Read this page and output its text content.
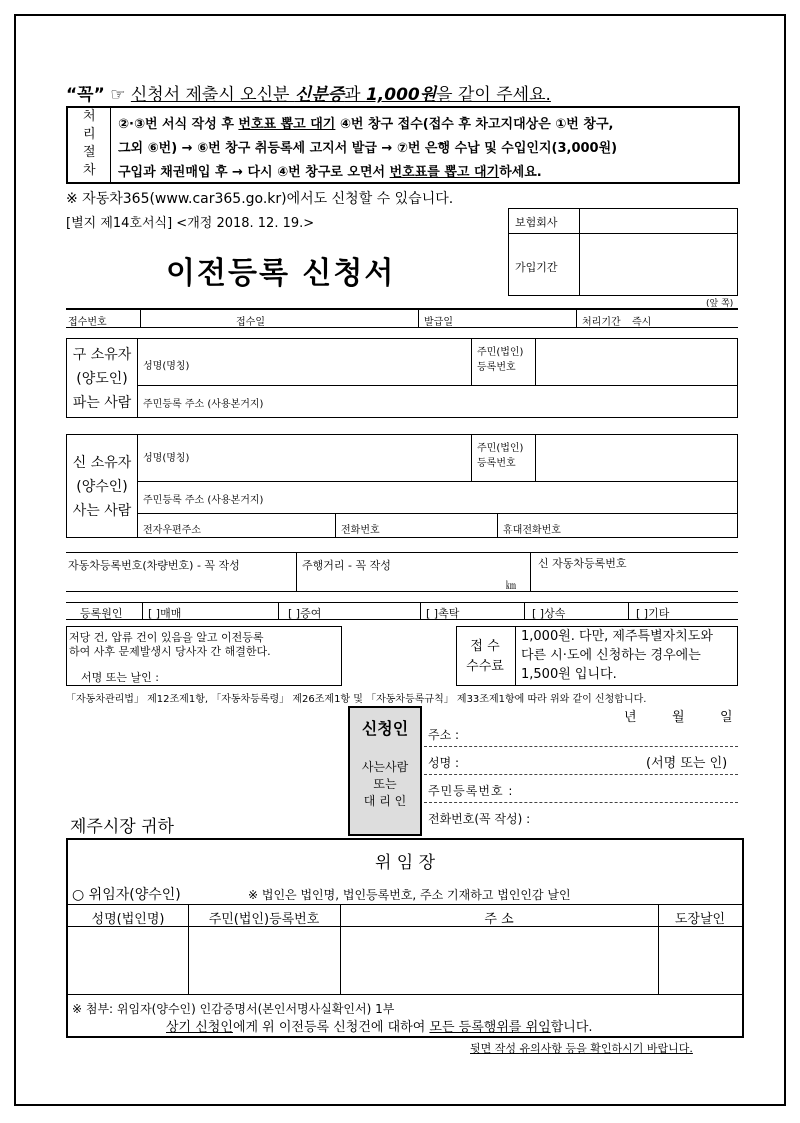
“꼭” ☞ 신청서 제출시 오신분 신분증과 1,000원을 같이 주세요.
처
리
절
차
②·③번 서식 작성 후 번호표 뽑고 대기 ④번 창구 접수(접수 후 차고지대상은 ①번 창구,
그외 ⑥번) → ⑥번 창구 취등록세 고지서 발급 → ⑦번 은행 수납 및 수입인지(3,000원)
구입과 채권매입 후 → 다시 ④번 창구로 오면서 번호표를 뽑고 대기하세요.
※ 자동차365(www.car365.go.kr)에서도 신청할 수 있습니다.
[별지 제14호서식] <개정 2018. 12. 19.>
이전등록 신청서
보험회사
가입기간
(앞 쪽)
접수번호	접수일	발급일	처리기간 즉시
구 소유자
(양도인)
파는 사람
성명(명칭)
주민(법인)
등록번호
주민등록 주소 (사용본거지)
신 소유자
(양수인)
사는 사람
성명(명칭)
주민(법인)
등록번호
주민등록 주소 (사용본거지)
전자우편주소	전화번호	휴대전화번호
자동차등록번호(차량번호) - 꼭 작성	주행거리 - 꼭 작성
㎞
신 자동차등록번호
등록원인 [ ]매매	[ ]증여	[ ]촉탁	[ ]상속	[ ]기타
저당 건, 압류 건이 있음을 알고 이전등록
하여 사후 문제발생시 당사자 간 해결한다.
서명 또는 날인 :
접 수
수수료
1,000원. 다만, 제주특별자치도와
다른 시·도에 신청하는 경우에는
1,500원 입니다.
「자동차관리법」 제12조제1항, 「자동차등록령」 제26조제1항 및 「자동차등록규칙」 제33조제1항에 따라 위와 같이 신청합니다.
년	월	일
신청인
사는사람
또는
대 리 인
주소 :
성명 :	(서명 또는 인)
주민등록번호 :
전화번호(꼭 작성) :
제주시장 귀하
위 임 장
○ 위임자(양수인)	※ 법인은 법인명, 법인등록번호, 주소 기재하고 법인인감 날인
성명(법인명)	주민(법인)등록번호	주 소	도장날인
※ 첨부: 위임자(양수인) 인감증명서(본인서명사실확인서) 1부
상기 신청인에게 위 이전등록 신청건에 대하여 모든 등록행위를 위임합니다.
뒷면 작성 유의사항 등을 확인하시기 바랍니다.
